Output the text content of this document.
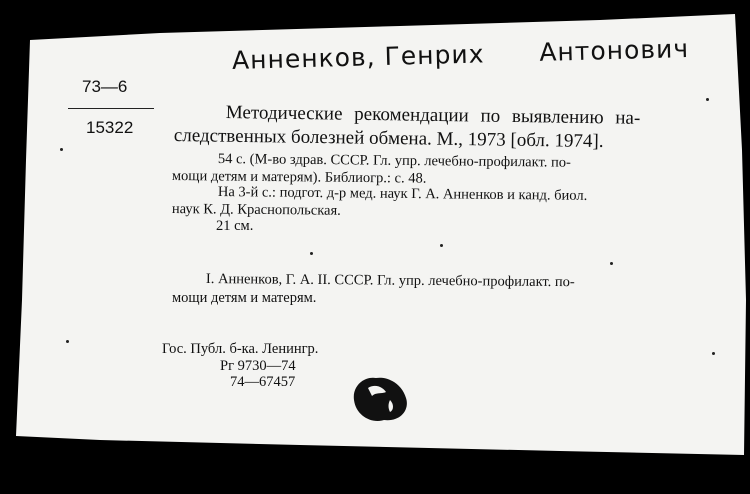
Анненков, Генрих Антонович
73—6
15322	Методические рекомендации по выявлению на-
следственных болезней обмена. М., 1973 [обл. 1974].
54 с. (М-во здрав. СССР. Гл. упр. лечебно-профилакт. по-
мощи детям и матерям). Библиогр.: с. 48.
На 3-й с.: подгот. д-р мед. наук Г. А. Анненков и канд. биол.
наук К. Д. Краснопольская.
21 см.
I. Анненков, Г. А. II. СССР. Гл. упр. лечебно-профилакт. по-
мощи детям и матерям.
Гос. Публ. б-ка. Ленингр.
Рг 9730—74
74—67457
